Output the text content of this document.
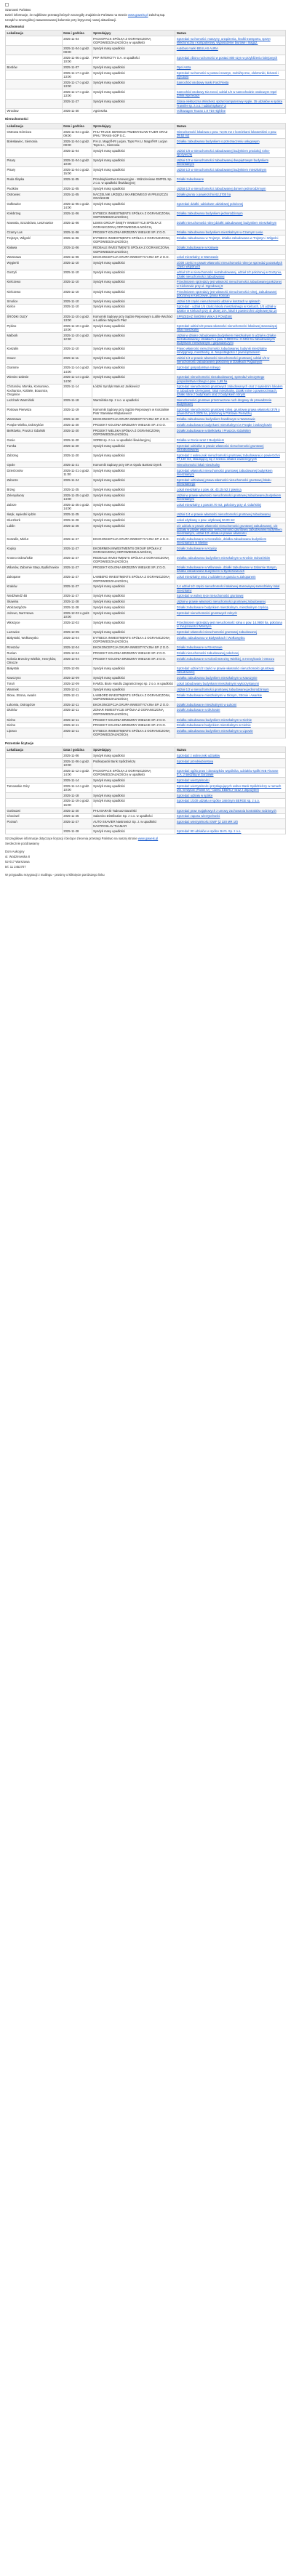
Szanowni Państwo

Dzień informacje, że najbliższe przetargi których szczegóły znajdziecie Państwo na stronie www.gaweis.pl zależną tap.

Urządź w szczególnej zaawansowanej kolumnie przy krytycznej nowej aktualizacji.

Ruchomości
Lokalizacja	Data i godzina	Sprzedający	Nazwa
	2025-11-04	PACKOPACK SPÓŁKA Z OGRANICZONĄ ODPOWIEDZIALNOŚCIĄ w upadłości	Sprzedaż ruchomości: maszyny, urządzenia, środki transportu, sprzęt elektroniczny i komputerowy, wyposażenie biurowe i magaz.
	2025-11-04 o godz. 08:00	Syndyk masy upadłości	Autobus marki BEULAS AURA
	2025-11-06 o godz. 10:00	PKP INTERCITY S.A. w upadłości	Sprzedaż zbioru ruchomości w postaci 800 szyn w przybliżeniu kolejowych
Bordów	2025-11-07	Syndyk masy upadłości	Opel Astra
	2025-11-17 o godz. 13:00	Syndyk masy upadłości	Sprzedaż ruchomości w postaci maszyn, mebli/ręczne, elektroniki, biżuterii i wyrobów
	2025-11-17 o godz. 13:00	Syndyk masy upadłości	Samochód osobowy marki Ford Fiesta
	2025-11-17 o godz. 13:00	Syndyk masy upadłości	Samochód osobowy Kia Ceed, udział 1/2 w samochodzie osobowym Opel Zafira (sprzedaż)
	2025-11-27	Syndyk masy upadłości	Gitara elektryczna Winchest, sprzęt komputerowy Apple, 35 udziałów w spółce Transfer sp. z.o.o. i udział Spkom? Z
Wrocław	2025-11-30	Agnieszka	Volkswagen Touran 1.9 TDI Highline
Nieruchomości
Lokalizacja	Data i godzina	Sprzedający	Nazwa
Ostrowa Górnicza	2025-11-04 o godz. 09:00	PHU TRUCK SERWICE PRZEMYSŁAW TAJER ORAZ IPHU TRANS-SOP S.C.	Nieruchomość lokalowa o pow. 72,05 m2 z komórkami lokatorskimi o pow. 29,52 m2
Bolesławiec, Siemonia	2025-11-04 o godz. 09:00	P.H.U. Magoff-IR Lucjan, Tops P.H.U. Magoff-IR Lucjan Tops s.c., Siemonia	Działka zabudowana budynkiem o przeznaczeniu usługowym
	2025-11-04	Syndyk masy upadłości	Udział 1/6 w nieruchomości zabudowanej budynkiem produkcji rolno-spożywczej
Pisary	2025-11-04 o godz. 10:00	Syndyk masy upadłości	Udział 1/2 w nieruchomości zabudowanej dwupiętrowym budynkiem mieszkalnym
Pisary	2025-11-04 o godz. 15:00	Syndyk masy upadłości	Udział 1/2 w nieruchomości zabudowanej budynkiem mieszkalnym
Ruda Śląska	2025-11-05	Przedsiębiorstwo Innowacyjne - Wdrożeniowe EMPOL Sp. z o.o. w upadłości likwidacyjnej	Działki zabudowane
Pacików	2025-11-05	Syndyk masy upadłości	Udział 1/2 w nieruchomości zabudowanej domem jednorodzinnym
Ostrowiec	2025-11-05	NACZELNIK URZĘDU SKARBOWEGO W PRUSZCZU GDAŃSKIM	Działki gruntu o powierzchni 62,3700 ha
Gołkowice	2025-11-05 o godz. 14:00	Syndyk masy upadłości	Sprzedaż działki: udziałowe udziałowej położonej
Kołobrzeg	2025-11-06	EYTBECK INWESTMENTS SPÓŁKA Z OGRANICZONĄ ODPOWIEDZIALNOŚCIĄ	Działka zabudowana budynkiem jednorodzinnym
Nowosia, Szczukówo, Lesznowice	2025-11-06	LEWIS GROUP ŚNIĘTY INWESTYCJI SPÓŁKA Z OGRANICZONĄ ODPOWIEDZIALNOŚCIĄ	Działki nieruchomości rolnej działki zabudowanej budynkiem mieszkalnym
Czarny Las	2025-11-06	PROJEKT KOLONIA BRZEZINY WIELKIE SP. Z O.O.	Działka zabudowana budynkiem mieszkalnym w Czarnym Lesie
Trojszyn, Wilgość	2025-11-06	EYTBECK INWESTMENTS SPÓŁKA Z OGRANICZONĄ ODPOWIEDZIALNOŚCIĄ	Działka zabudowana w Trojszyn, działka zabudowana w Trojszyn i Wilgości
Kaława	2025-11-06	REDBALE INVESTMENTS SPÓŁKA Z OGRANICZONĄ ODPOWIEDZIALNOŚCIĄ	Działki zabudowane w Kaławie
Warszawa	2025-11-06	EKOKONCEPCJA GRUPA INWESTYCYJNA SP. Z O.O.	Lokal mieszkalny w Warszawie
Węgierki	2025-11-10	Syndyk masy upadłości	1/200 części w prawie własności nieruchomości rolnej w sprzedaż pozostałych części wspólnych
Gorzyń	2025-11-10	Syndyk masy upadłości	udział 1/2 w nieruchomości niezabudowanej, udział 1/2 położonej w Gorzyniu, działki nieruchomości zabudowanej
Kielczewo	2025-11-10	Syndyk masy upadłości	Przedmiotem sprzedaży jest własność nieruchomości zabudowanej położonej w Kielczewie przy ul. Ogrodowej 9
Kielczewo	2025-11-10	Syndyk masy upadłości	Przedmiotem sprzedaży jest własność nieruchomości rolnej, zabudowanej położonej w Kielczewie, gmina Kościan
Smolice	2025-11-10	Syndyk masy upadłości	Udział 1/8 części nieruchomości udział w kosztach w opłatach
Kielce	2025-11-10	Syndyk masy upadłości	Sprzedaż - udział 1/4 części lokalu mieszkalnego w Kielcach, 1/4 udział w działce w Kielcach przy ul. Złotej 14A, lokal 6 powierzchni użytkowej 62,10
ŚRÓDKI OLĘY	2025-11-10 o godz. 13:00	Komornik Sądowy przy Sądzie Rejonowym Lublin-Wschód w Lublinie Wojciech Płaz	SPRZEDAŻ ŚWÓRKI WIKA 3 PONIŻSIE
Pękino	2025-11-10 o godz. 10:00	Syndyk masy upadłości	Sprzedaż udział 1/8 prawa własności nieruchomości lokalowej stanowiącej lokal mieszkalny
Malbork	2025-11-10 o godz. 12:30	Syndyk masy upadłości	Udział w działce zabudowanej budynkiem mieszkalnym 5 udział w działce niezabudowanej i działkach o pow. 0.0903 ha i 0.0452 ha zabudowanych budynkami mieszkalnymi i gospodarczymi
Koszalin	2025-11-10	Syndyk masy upadłości	Prawo własności nieruchomości zabudowanej, budynki mieszkalne kondygnacji, mieszkalny, ul. Niepodległości z piwnicą/tarasem
Gnacz	2025-11-11	Syndyk masy upadłości	Udział 1/4 w prawie własności nieruchomości gruntowej, udział 1/2 w nieruchomości zabudowanej położonej w Działkach Pogodnych
Gramme	2025-11-14 o godz. 14:00	Syndyk masy upadłości	Sprzedaż gospodarstwa rolnego
Wieniec-Zalesie	2025-11-14 o godz. 14:00	Syndyk masy upadłości	Sprzedaż nieruchomości niezabudowanej, sprzedaż wieczystego gospodarstwa rolnego o pow. 1,68 ha
Chrzanów, Morska, Komarowo, Kochanice, Kobiele, Bouonice, Oroginice	2025-11-14	Łódzki Syndyk Mariusz Jaśkiewicz	Sprzedaż nieruchomości gruntowych zabudowanych oraz z sąsiednim lokalem w zabudowie szeregowej, lokal mieszkalny, działki rolne o powierzchniach, działki rolne z budynkami oraz z budynkiem rolnym
Leżchark Warmiński	2025-11-18	Warmińska Sp. z o.o. w upadłości	Nieruchomości gruntowe przeznaczone ruch drogowy do prowadzenia budynkowej
Potrowa Pierwsza	2025-11-19	Komornik Sądowy przy Sądzie Rejonowym w Koszalinie Piotr Stanisław Wojtasiewicz	Sprzedaż nieruchomości gruntowej rolnej, gruntowej prawa własności 37/9 o powierzchni 0.3305 ha, położonej w Potrowie Pierwszej
Warszawa	2025-11-20	EKOKONCEPCJA GRUPA INWESTYCYJNA SP. Z O.O.	Działka zabudowana budynkiem handlowym w Warszawie
Porąbe Wielka, Dobrzyków	2025-11-20	PROJEKT KOLONIA BRZEZINY WIELKIE SP. Z O.O.	Działki zabudowane budynkami mieszkalnymi w Porąbe i Dobrzykowie
Bielkówko, Pruszcz Gdański	2025-11-20	PROJEKT NIELSKA SPÓŁKA Z OGRANICZONĄ ODPOWIEDZIALNOŚCIĄ	Działki zabudowane w Bielkówku i Pruszczu Gdańskim
Gonie	2025-11-20	SORBI sp. z o.o. w upadłości likwidacyjnej	Działka w Gonie wraz z Budynkiem
Turska	2025-11-20	Syndyk masy upadłości	Sprzedaż udziałów w prawie własności nieruchomości gruntowej niezabudowanej
Zabrzeg	2025-11-20	Syndyk masy upadłości	Sprzedaż z wolnej ręki nieruchomości gruntowej zabudowanej o powierzchni 27,140 m2, składającej się z sześciu działek ewidencyjnych
Opole	2025-11-21	Komornik Sądowy przy SR w Opolu Bartosz Dyrek	Nieruchomości lokal mieszkalny
Dzierżonów	2025-11-21 o godz. 11:00	Syndyk masy upadłości	Sprzedaż własności nieruchomości gruntowej zabudowanej budynkiem mieszkalnym
Zaborze	2025-11-24	Syndyk masy upadłości	Sprzedaż udziałowej prawa własności nieruchomości gruntowej lokalu mieszkalnego
Brzeg	2025-11-25	Syndyk masy upadłości	Lokal mieszkalny o pow. ok. 43.15 m2 z piwnicą
Zelenydwory	2025-11-25 o godz. 14:00	Syndyk masy upadłości	Udział w prawie własności nieruchomości gruntowej zabudowanej budynkiem mieszkalnym
Zabrze	2025-11-25 o godz. 14:00	Syndyk masy upadłości	Lokal mieszkalny o pow.50.70 m2, położony przy ul. Gdańskiej
Iłaryk, sąsiedni lędzin	2025-11-25	Syndyk masy upadłości	Udział 1/4 w prawie własności nieruchomości gruntowej zabudowanej
Kłuczbork	2025-11-26	Syndyk masy upadłości	Lokal użytkowy o pow. użytkowej 50.00 m2
Lublin	2025-11-26	Syndyk masy upadłości	1/2 udziału w prawie własności nieruchomości gruntowej zabudowanej, 1/2 udziału w prawie własności nieruchomości gruntowej zabudowanej budynkiem mieszkalnym, udział 1/2 udziału w prawie własności
Koszalin, Mielut	2025-11-27	EKOKONCEPCJA GRUPA INWESTYCYJNA SP. Z O.O.	Działki zabudowane w Koszalinie, działka zabudowana budynkiem mieszkalnym w Mielnie
Kopicy	2025-11-27	EKOBRMEN INWESTMENTS GROUP SPÓŁKA Z OGRANICZONĄ ODPOWIEDZIALNOŚCIĄ	Działki zabudowane w Kopicy
Krosno Odrzańskie	2025-11-27	REDBALE INVESTMENTS SPÓŁKA Z OGRANICZONĄ ODPOWIEDZIALNOŚCIĄ	Działka zabudowana budynkiem mieszkalnym w Krośnie Odrzańskim
Wilanów, Zabornie Stary, Bydlichowice	2025-11-27	PROJEKT KOLONIA BRZEZINY WIELKIE SP. Z O.O.	Działki zabudowane w Wilanowie, działki zabudowane w Zabornie Starym, działka zabudowana budynkiem w Bydlichowicach
Zakopane	2025-11-27	LAMBERO INVESTMENTS SPÓŁKA Z OGRANICZONĄ ODPOWIEDZIALNOŚCIĄ	Lokal mieszkalny wraz z udziałem w garażu w Zakopanem
Kraków	2025-11-27	Syndyk masy upadłości	2,4 udział 1/2 części nieruchomości lokalowej stanowiącej samodzielny lokal mieszkalny
Niedźwiedź 4B	2025-11-27	Syndyk masy upadłości	Sprzedaż w wolnej ręce nieruchomości gruntowej
Skawina	2025-11-28	Syndyk masy upadłości	Udział w prawie własności nieruchomości gruntowej zabudowanej
Wołczwzgórze	2025-11-28	Syndyk masy upadłości	Działki zabudowane budynkiem mieszkalnym, mieszkalnym częścią
Jeżewo, Nart Nowa	2025-12-03 o godz. 10:00	Syndyk masy upadłości	Sprzedaż nieruchomości gruntowych rolnych
Włoszyce	2025-12-02	Syndyk masy upadłości	Przedmiotem sprzedaży jest nieruchomość rolna o pow. 14.0900 ha, położona w miejscowości Włoszyce
Luzowice	2025-12-05	Syndyk masy upadłości	Sprzedaż własności nieruchomości gruntowej zabudowanej
Białystoki, Wołkowysko	2025-12-04	EYTBECK INWESTMENTS SPÓŁKA Z OGRANICZONĄ ODPOWIEDZIALNOŚCIĄ	Działka zabudowana w Białystokach i Wołkowysku
Rzeszów	2025-12-04	EKOKONCEPCJA GRUPA INWESTYCYJNA SP. Z O.O.	Działki zabudowane w Rzeszowie
Ruzian	2025-12-04	PROJEKT KOLONIA BRZEZINY WIELKIE SP. Z O.O.	Działki nieruchomości zabudowanej położonej
Kolonia Brzeziny Wielkie, Henryków, Otrocze	2025-12-04	PROJEKT KOLONIA BRZEZINY WIELKIE SP. Z O.O.	Działki zabudowane w Kolonii Brzeziny Wielkiej, w Henrykowie i Otroczu
Białystok	2025-12-05	Syndyk masy upadłości	Sprzedaż udział 1/2 części w prawie własności nieruchomości gruntowej zabudowanej
Kawczyno	2025-12-09	Syndyk masy upadłości	Działka zabudowana budynkiem mieszkalnym w Kawczynie
Toruń	2025-12-09	KAMOL Biuro Handlu Zagranicznego sp. z o.o. w upadłości	Lokal zabudowany budynkami mieszkalnymi wykorzystanymi
Warmiek	2025-12-11	Syndyk masy upadłości	Udział 1/2 w nieruchomości gruntowej zabudowanej jednorodzinnym
Słone, Strona, Awaris	2025-12-11	LAMBORD INVESTMENTS SPÓŁKA Z OGRANICZONĄ ODPOWIEDZIALNOŚCIĄ	Działki zabudowane mieszkalnymi w Słonym, Stronie i Awarisie
Łukomia, Ostrogórze	2025-12-11	EKOKONCEPCJA GRUPA INWESTYCYJNA SP. Z O.O.	Działki zabudowane mieszkalnymi w Łukomi
Dłuhów	2025-12-11	ZONAR INWESTYCJE SPÓŁKA Z OGRANICZONĄ ODPOWIEDZIALNOŚCIĄ	Działki zabudowane w Dłuhowie
Kielno	2025-12-11	PROJEKT KOLONIA BRZEZINY WIELKIE SP. Z O.O.	Działka zabudowana budynkiem mieszkalnym w Kielnie
Kielno	2025-12-11	PROJEKT KOLONIA BRZEZINY WIELKIE SP. Z O.O.	Działki zabudowane budynkiem mieszkalnym w Kielnie
Lipowo	2025-12-11	EYTBECK INWESTMENTS SPÓŁKA Z OGRANICZONĄ ODPOWIEDZIALNOŚCIĄ	Działka zabudowana budynkiem mieszkalnym w Lipowie
Pozostałe licytacje
Lokalizacja	Data i godzina	Sprzedający	Nazwa
	2025-11-06	Syndyk masy upadłości	Sprzedaż z wolnej ręki udziałów
	2025-11-06 o godz. 10:00	Podkarpacki Bank Spółdzielczy	Sprzedaż przedsiębiorstwa
	2025-11-12 o godz. 14:00	PACKOPACK SPÓŁKA Z OGRANICZONĄ ODPOWIEDZIALNOŚCIĄ w upadłości	Sprzedaż ogółu praw i obowiązków wspólnika, udziałów spółki NIB Finanse S.A. z siedzibą w Gorzowie
	2025-11-14	Syndyk masy upadłości	Sprzedaż wierzytelności
Tarnowskie Góry	2025-11-14 o godz. 10:00	Syndyk masy upadłości	Sprzedaż wierzytelności przysługujących wobec Bank Spółdzielczy w ramach tzw. kredytów (Pakiet IV) - banku EBERLY wraz z depozytem
	2025-11-18	Syndyk masy upadłości	Sprzedaż udziału w spółce
	2025-11-19 o godz. 15:00	Syndyk masy upadłości	Sprzedaż 1/100 udziału w spółce zależnym BERGE sp. z o.o.
Gorlaszwi	2025-11-20	PHU BARAŚI Tadeusz Barański	Sprzedaż praw majątkowych z umowy zachowania kontraktów rodzinnych
Chociwel	2025-11-25	Salamino Distribution Sp. z o.o. w upadłości	Sprzedaż zapasu wierzytelności
Poznań	2025-11-27	AUTO SKAVIER Nastrowicz Sp. J. w upadłości NASTROSLAV TULMAR	Sprzedaż wierzytelności GWF (Z 320 MR 18)
	2025-11-28	Syndyk masy upadłości	Sprzedaż 80 udziałów w spółce BAYL Sp. z o.o.

Szczegółowe informacje dotyczące licytacji i bieżące zlecenia przetargi Państwo na naszej stronie www.gaweis.pl

Serdecznie pozdrawiamy

Dom Aukcyjny

ul. Wodzirewska 8

52-017 Warszawa

tel. 11 2452707

W przypadku rezygnacji z mailingu - prosimy o kliknięcie poniższego linku
